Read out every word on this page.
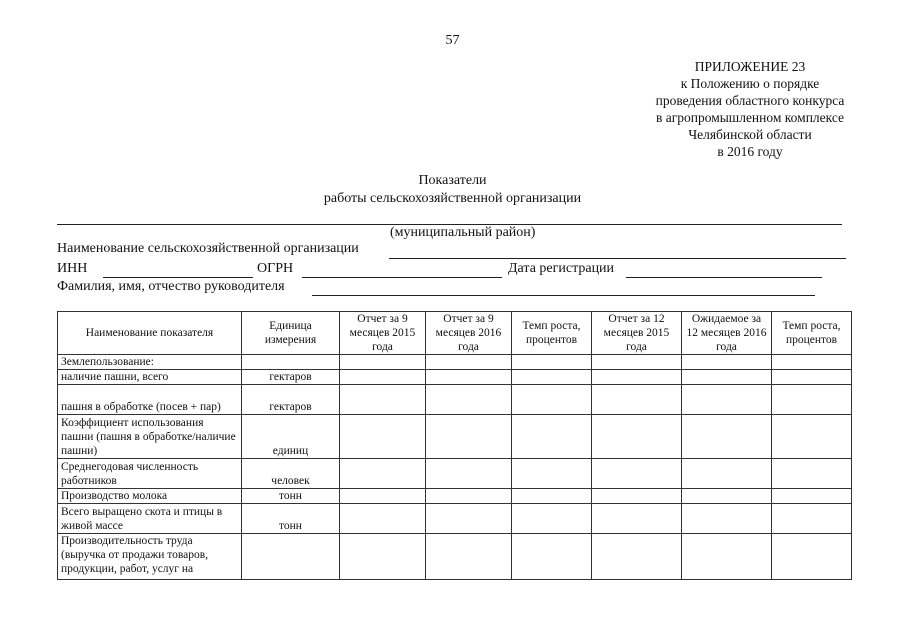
57
ПРИЛОЖЕНИЕ 23
к Положению о порядке
проведения областного конкурса
в агропромышленном комплексе
Челябинской области
в 2016 году
Показатели
работы сельскохозяйственной организации
(муниципальный район)
Наименование сельскохозяйственной организации
ИНН	ОГРН	Дата регистрации
Фамилия, имя, отчество руководителя
Наименование показателя	Единица измерения	Отчет за 9 месяцев 2015 года	Отчет за 9 месяцев 2016 года	Темп роста, процентов	Отчет за 12 месяцев 2015 года	Ожидаемое за 12 месяцев 2016 года	Темп роста, процентов
Землепользование:							
наличие пашни, всего	гектаров						
пашня в обработке (посев + пар)	гектаров						
Коэффициент использования пашни (пашня в обработке/наличие пашни)	единиц						
Среднегодовая численность работников	человек						
Производство молока	тонн						
Всего выращено скота и птицы в живой массе	тонн						
Производительность труда (выручка от продажи товаров, продукции, работ, услуг на							
